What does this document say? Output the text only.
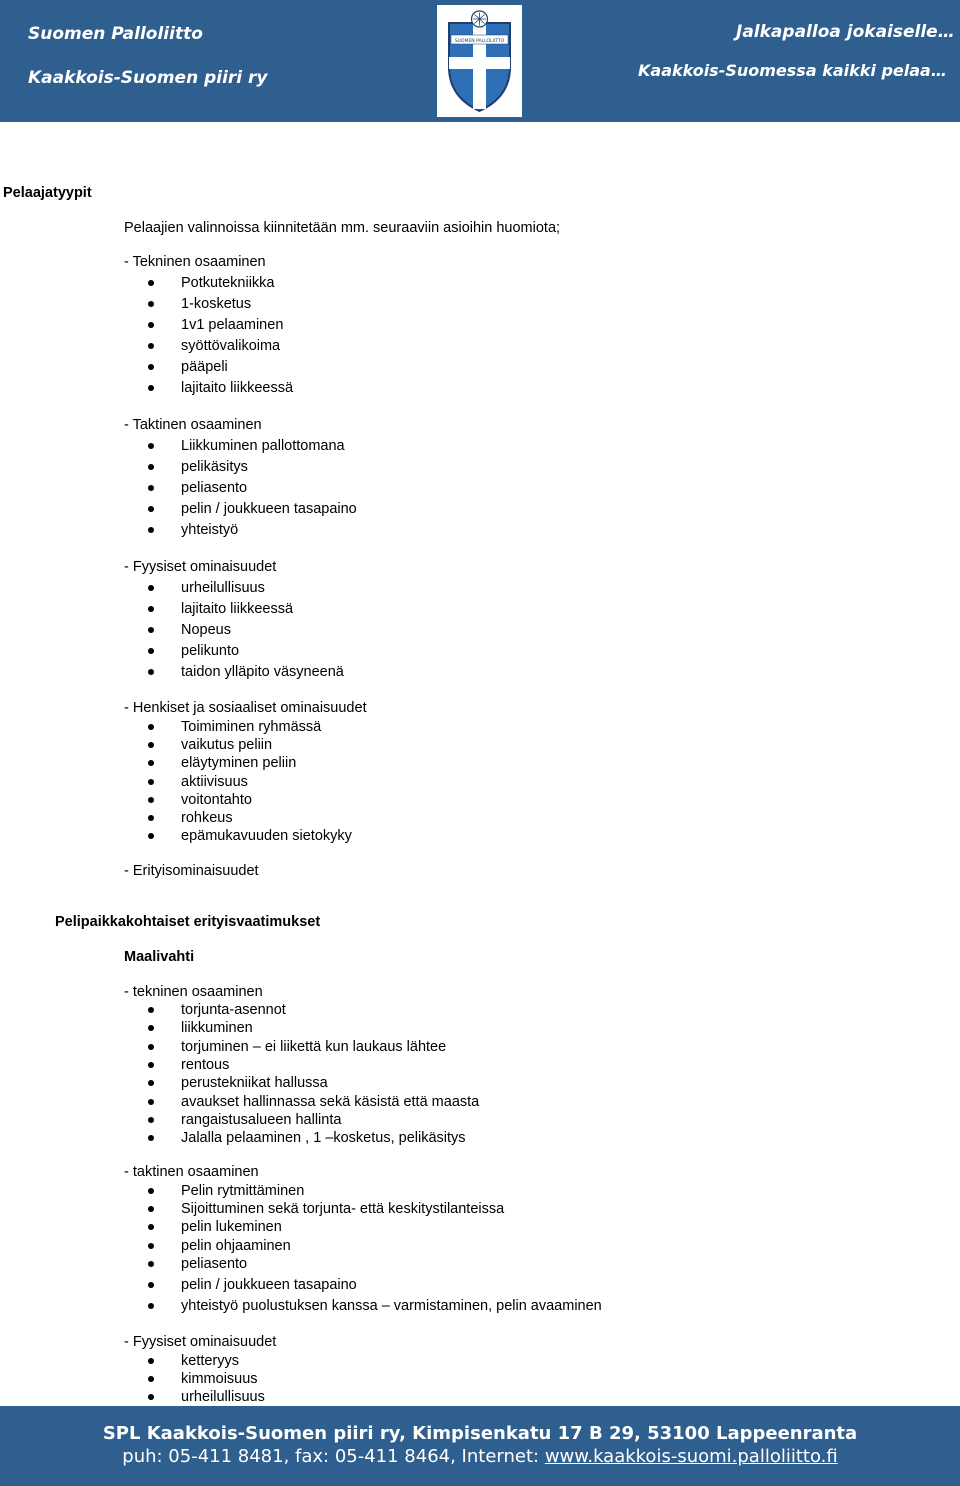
Suomen Palloliitto
Kaakkois-Suomen piiri ry
Jalkapalloa jokaiselle…
Kaakkois-Suomessa kaikki pelaa…
SUOMEN PALLOLIITTO
Pelaajatyypit
Pelaajien valinnoissa kiinnitetään mm. seuraaviin asioihin huomiota;
- Tekninen osaaminen
Potkutekniikka
1-kosketus
1v1 pelaaminen
syöttövalikoima
pääpeli
lajitaito liikkeessä
- Taktinen osaaminen
Liikkuminen pallottomana
pelikäsitys
peliasento
pelin / joukkueen tasapaino
yhteistyö
- Fyysiset ominaisuudet
urheilullisuus
lajitaito liikkeessä
Nopeus
pelikunto
taidon ylläpito väsyneenä
- Henkiset ja sosiaaliset ominaisuudet
Toimiminen ryhmässä
vaikutus peliin
eläytyminen peliin
aktiivisuus
voitontahto
rohkeus
epämukavuuden sietokyky
- Erityisominaisuudet
Pelipaikkakohtaiset erityisvaatimukset
Maalivahti
- tekninen osaaminen
torjunta-asennot
liikkuminen
torjuminen – ei liikettä kun laukaus lähtee
rentous
perustekniikat hallussa
avaukset hallinnassa sekä käsistä että maasta
rangaistusalueen hallinta
Jalalla pelaaminen , 1 –kosketus, pelikäsitys
- taktinen osaaminen
Pelin rytmittäminen
Sijoittuminen sekä torjunta- että keskitystilanteissa
pelin lukeminen
pelin ohjaaminen
peliasento
pelin / joukkueen tasapaino
yhteistyö puolustuksen kanssa – varmistaminen, pelin avaaminen
- Fyysiset ominaisuudet
ketteryys
kimmoisuus
urheilullisuus
SPL Kaakkois-Suomen piiri ry, Kimpisenkatu 17 B 29, 53100 Lappeenranta
puh: 05-411 8481, fax: 05-411 8464, Internet: www.kaakkois-suomi.palloliitto.fi
